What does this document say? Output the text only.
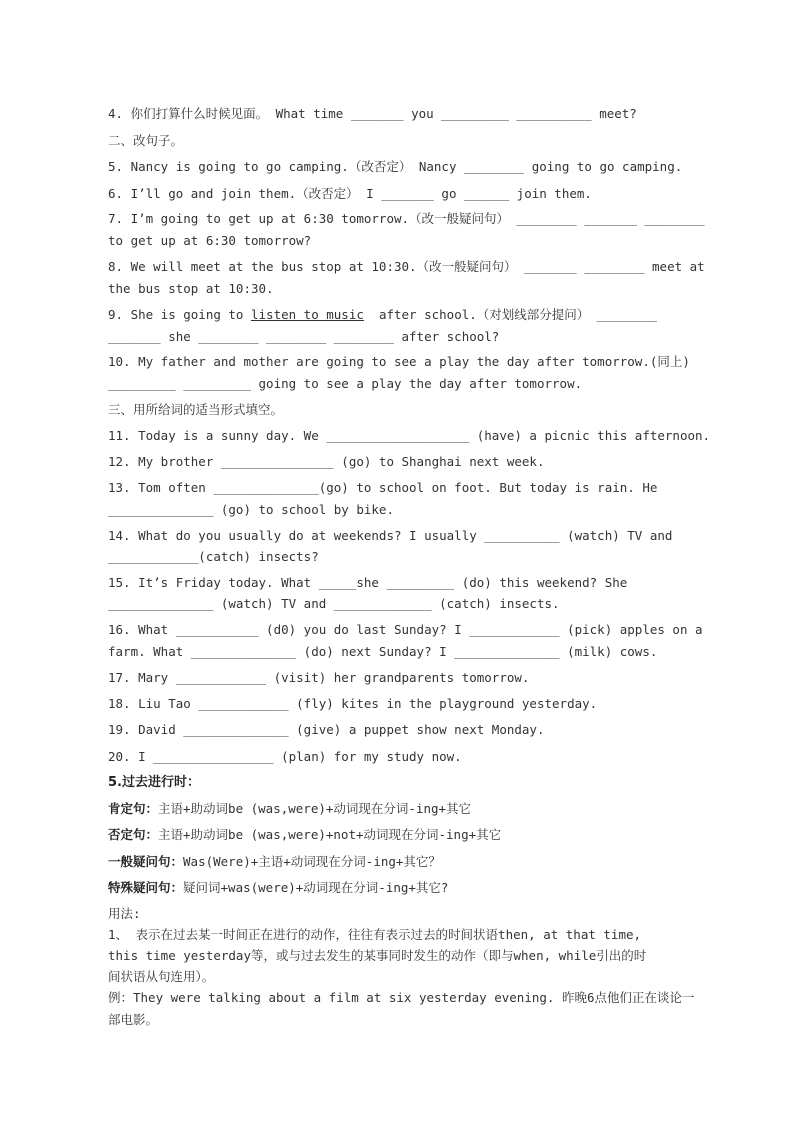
4. 你们打算什么时候见面。 What time _______ you _________ __________ meet?
二、改句子。
5. Nancy is going to go camping.（改否定） Nancy ________ going to go camping.
6. I’ll go and join them.（改否定） I _______ go ______ join them.
7. I’m going to get up at 6:30 tomorrow.（改一般疑问句） ________ _______ ________
to get up at 6:30 tomorrow?
8. We will meet at the bus stop at 10:30.（改一般疑问句） _______ ________ meet at
the bus stop at 10:30.
9. She is going to listen to music  after school.（对划线部分提问） ________
_______ she ________ ________ ________ after school?
10. My father and mother are going to see a play the day after tomorrow.(同上)
_________ _________ going to see a play the day after tomorrow.
三、用所给词的适当形式填空。
11. Today is a sunny day. We ___________________ (have) a picnic this afternoon.
12. My brother _______________ (go) to Shanghai next week.
13. Tom often ______________(go) to school on foot. But today is rain. He
______________ (go) to school by bike.
14. What do you usually do at weekends? I usually __________ (watch) TV and
____________(catch) insects?
15. It’s Friday today. What _____she _________ (do) this weekend? She
______________ (watch) TV and _____________ (catch) insects.
16. What ___________ (d0) you do last Sunday? I ____________ (pick) apples on a
farm. What ______________ (do) next Sunday? I ______________ (milk) cows.
17. Mary ____________ (visit) her grandparents tomorrow.
18. Liu Tao ____________ (fly) kites in the playground yesterday.
19. David ______________ (give) a puppet show next Monday.
20. I ________________ (plan) for my study now.
5.过去进行时：
肯定句：主语+助动词be (was,were)+动词现在分词-ing+其它
否定句：主语+助动词be (was,were)+not+动词现在分词-ing+其它
一般疑问句：Was(Were)+主语+动词现在分词-ing+其它？
特殊疑问句：疑问词+was(were)+动词现在分词-ing+其它?
用法:
1、 表示在过去某一时间正在进行的动作，往往有表示过去的时间状语then, at that time,
this time yesterday等，或与过去发生的某事同时发生的动作（即与when, while引出的时
间状语从句连用）。
例：They were talking about a film at six yesterday evening. 昨晚6点他们正在谈论一
部电影。
